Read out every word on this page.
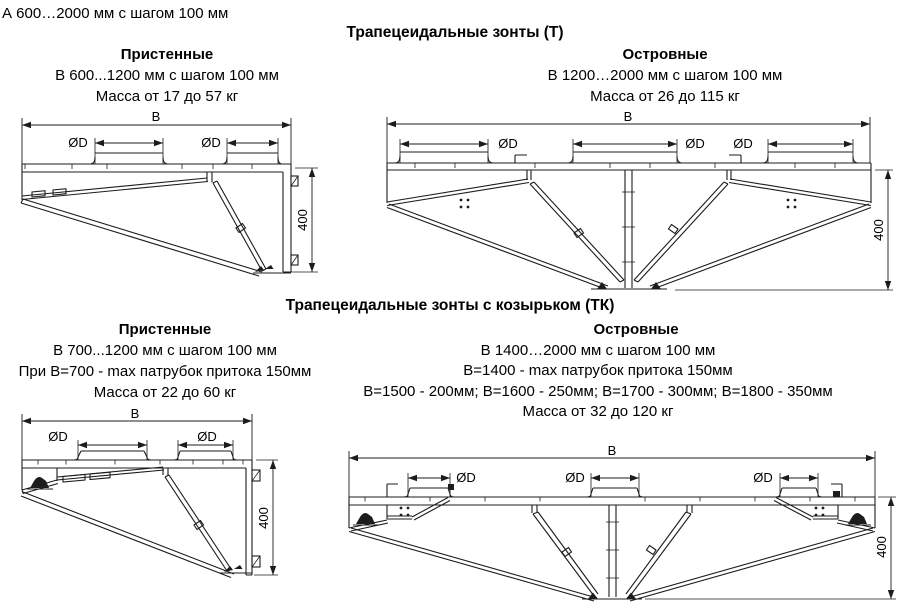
А 600…2000 мм с шагом 100 мм
Трапецеидальные зонты (Т)
Пристенные
В 600...1200 мм с шагом 100 мм
Масса от 17 до 57 кг
Островные
В 1200…2000 мм с шагом 100 мм
Масса от 26 до 115 кг
B
ØD	ØD
400
B
ØD	ØD ØD
400
Трапецеидальные зонты с козырьком (ТК)
Пристенные
В 700...1200 мм с шагом 100 мм
При В=700 - max патрубок притока 150мм
Масса от 22 до 60 кг
Островные
В 1400…2000 мм с шагом 100 мм
В=1400 - max патрубок притока 150мм
В=1500 - 200мм; В=1600 - 250мм; В=1700 - 300мм; В=1800 - 350мм
Масса от 32 до 120 кг
B
ØD	ØD
400
B
ØD	ØD	ØD
400
